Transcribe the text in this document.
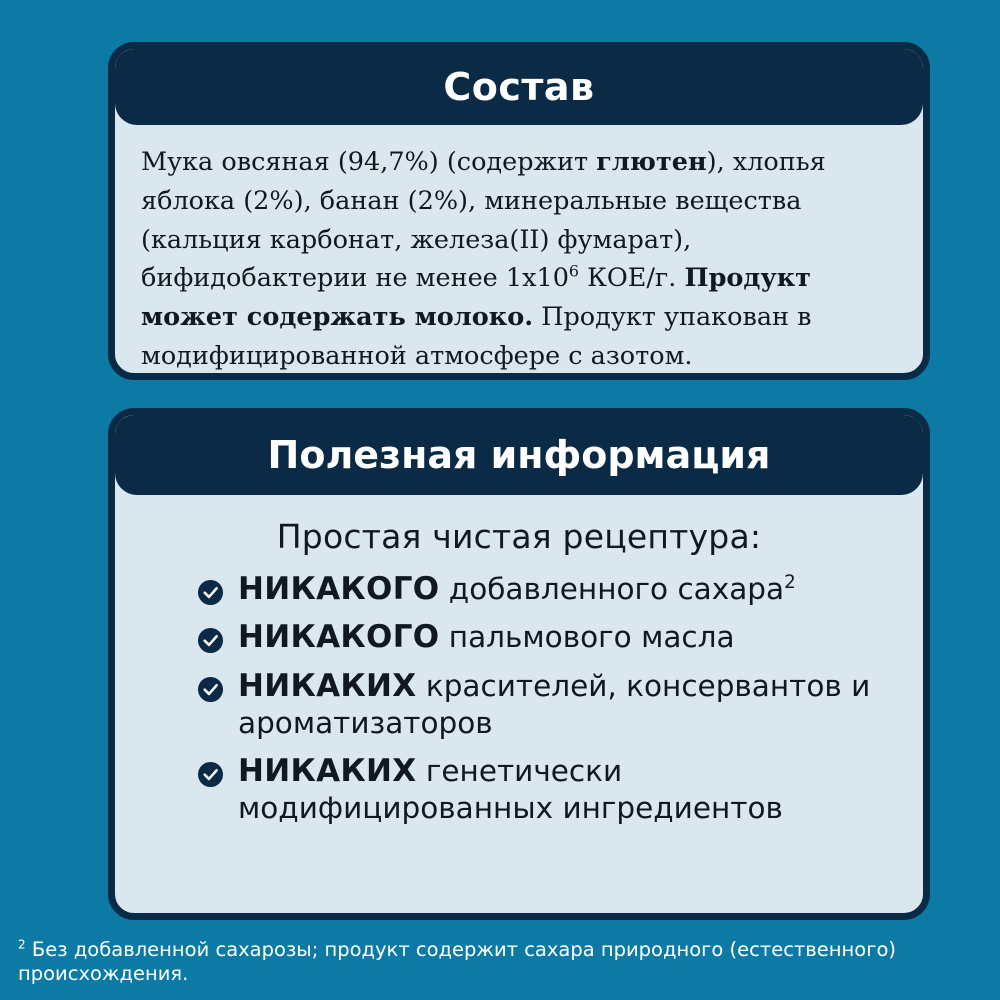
Состав
Мука овсяная (94,7%) (содержит глютен), хлопья яблока (2%), банан (2%), минеральные вещества (кальция карбонат, железа(II) фумарат), бифидобактерии не менее $1х10^6$ КОЕ/г. Продукт может содержать молоко. Продукт упакован в модифицированной атмосфере с азотом.
Полезная информация
Простая чистая рецептура:
НИКАКОГО добавленного сахара$^2$
НИКАКОГО пальмового масла
НИКАКИХ красителей, консервантов и ароматизаторов
НИКАКИХ генетически модифицированных ингредиентов
$^2$ Без добавленной сахарозы; продукт содержит сахара природного (естественного) происхождения.
